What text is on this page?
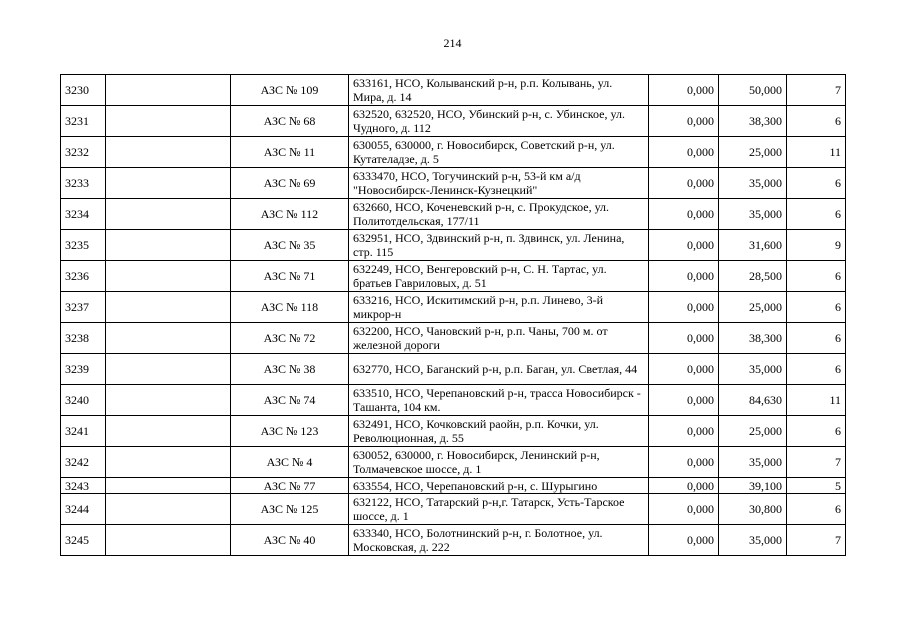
214
3230		АЗС № 109	633161, НСО, Колыванский р-н, р.п. Колывань, ул. Мира, д. 14	0,000	50,000	7
3231		АЗС № 68	632520, 632520, НСО, Убинский р-н, с. Убинское, ул. Чудного, д. 112	0,000	38,300	6
3232		АЗС № 11	630055, 630000, г. Новосибирск, Советский р-н, ул. Кутателадзе, д. 5	0,000	25,000	11
3233		АЗС № 69	6333470, НСО, Тогучинский р-н, 53-й км а/д "Новосибирск-Ленинск-Кузнецкий"	0,000	35,000	6
3234		АЗС № 112	632660, НСО, Коченевский р-н, с. Прокудское, ул. Политотдельская, 177/11	0,000	35,000	6
3235		АЗС № 35	632951, НСО, Здвинский р-н, п. Здвинск, ул. Ленина, стр. 115	0,000	31,600	9
3236		АЗС № 71	632249, НСО, Венгеровский р-н, С. Н. Тартас, ул. братьев Гавриловых, д. 51	0,000	28,500	6
3237		АЗС № 118	633216, НСО, Искитимский р-н, р.п. Линево, 3-й микрор-н	0,000	25,000	6
3238		АЗС № 72	632200, НСО, Чановский р-н, р.п. Чаны, 700 м. от железной дороги	0,000	38,300	6
3239		АЗС № 38	632770, НСО, Баганский р-н, р.п. Баган, ул. Светлая, 44	0,000	35,000	6
3240		АЗС № 74	633510, НСО, Черепановский р-н, трасса Новосибирск - Ташанта, 104 км.	0,000	84,630	11
3241		АЗС № 123	632491, НСО, Кочковский раойн, р.п. Кочки, ул. Революционная, д. 55	0,000	25,000	6
3242		АЗС № 4	630052, 630000, г. Новосибирск, Ленинский р-н, Толмачевское шоссе, д. 1	0,000	35,000	7
3243		АЗС № 77	633554, НСО, Черепановский р-н, с. Шурыгино	0,000	39,100	5
3244		АЗС № 125	632122, НСО, Татарский р-н,г. Татарск, Усть-Тарское шоссе, д. 1	0,000	30,800	6
3245		АЗС № 40	633340, НСО, Болотнинский р-н, г. Болотное, ул. Московская, д. 222	0,000	35,000	7
